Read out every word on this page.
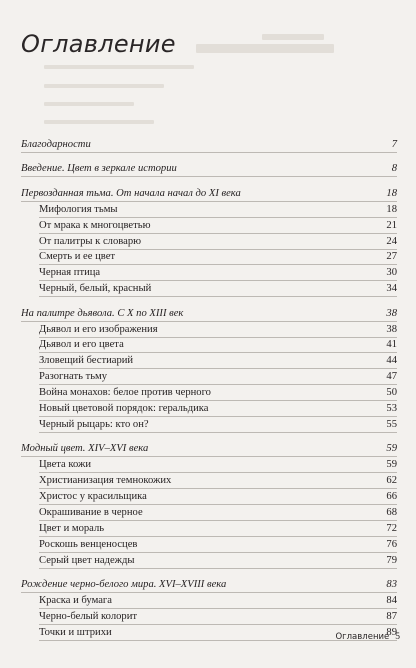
Оглавление
Благодарности	7
Введение. Цвет в зеркале истории	8
Первозданная тьма. От начала начал до XI века	18
Мифология тьмы	18
От мрака к многоцветью	21
От палитры к словарю	24
Смерть и ее цвет	27
Черная птица	30
Черный, белый, красный	34
На палитре дьявола. С X по XIII век	38
Дьявол и его изображения	38
Дьявол и его цвета	41
Зловещий бестиарий	44
Разогнать тьму	47
Война монахов: белое против черного	50
Новый цветовой порядок: геральдика	53
Черный рыцарь: кто он?	55
Модный цвет. XIV–XVI века	59
Цвета кожи	59
Христианизация темнокожих	62
Христос у красильщика	66
Окрашивание в черное	68
Цвет и мораль	72
Роскошь венценосцев	76
Серый цвет надежды	79
Рождение черно-белого мира. XVI–XVIII века	83
Краска и бумага	84
Черно-белый колорит	87
Точки и штрихи	89
Оглавление 5
